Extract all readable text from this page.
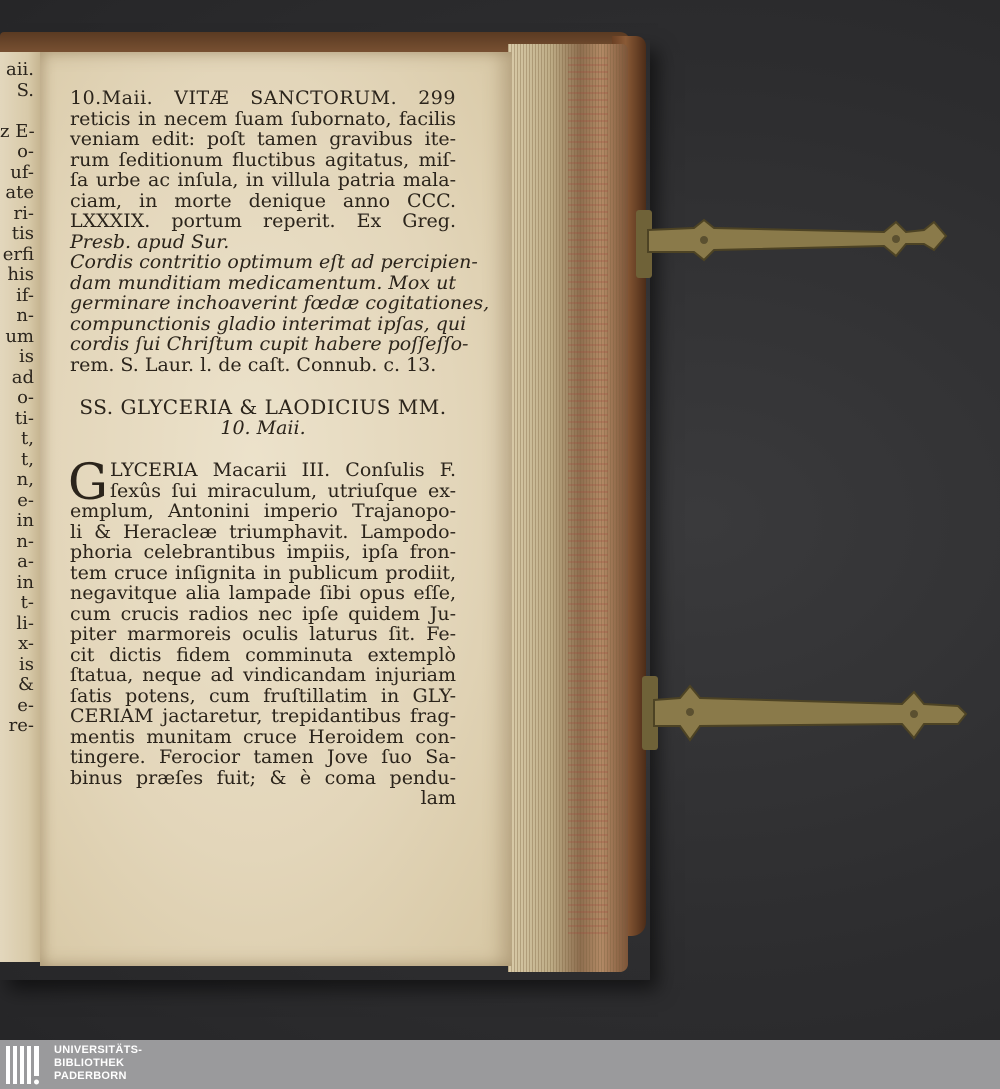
aii.
S.
z E-
o-
uf-
ate
ri-
tis
erfi
his
if-
n-
um
is
ad
o-
ti-
t,
t,
n,
e-
in
n-
a-
in
t-
li-
x-
is
&
e-
re-
10.Maii. VITÆ SANCTORUM. 299
reticis in necem ſuam ſubornato, facilis
veniam edit: poſt tamen gravibus ite-
rum ſeditionum fluctibus agitatus, miſ-
ſa urbe ac inſula, in villula patria mala-
ciam, in morte denique anno CCC.
LXXXIX. portum reperit. Ex Greg.
Presb. apud Sur.
Cordis contritio optimum eſt ad percipien-
dam munditiam medicamentum. Mox ut
germinare inchoaverint fœdæ cogitationes,
compunctionis gladio interimat ipſas, qui
cordis ſui Chriſtum cupit habere poſſeſſo-
rem. S. Laur. l. de caſt. Connub. c. 13.
SS. GLYCERIA & LAODICIUS MM.
10. Maii.
G LYCERIA Macarii III. Conſulis F.
ſexûs ſui miraculum, utriuſque ex-
emplum, Antonini imperio Trajanopo-
li & Heracleæ triumphavit. Lampodo-
phoria celebrantibus impiis, ipſa fron-
tem cruce inſignita in publicum prodiit,
negavitque alia lampade ſibi opus eſſe,
cum crucis radios nec ipſe quidem Ju-
piter marmoreis oculis laturus ſit. Fe-
cit dictis fidem comminuta extemplò
ſtatua, neque ad vindicandam injuriam
ſatis potens, cum fruſtillatim in GLY-
CERIAM jactaretur, trepidantibus frag-
mentis munitam cruce Heroidem con-
tingere. Ferocior tamen Jove ſuo Sa-
binus præſes fuit; & è coma pendu-
lam
UNIVERSITÄTS-
BIBLIOTHEK
PADERBORN
